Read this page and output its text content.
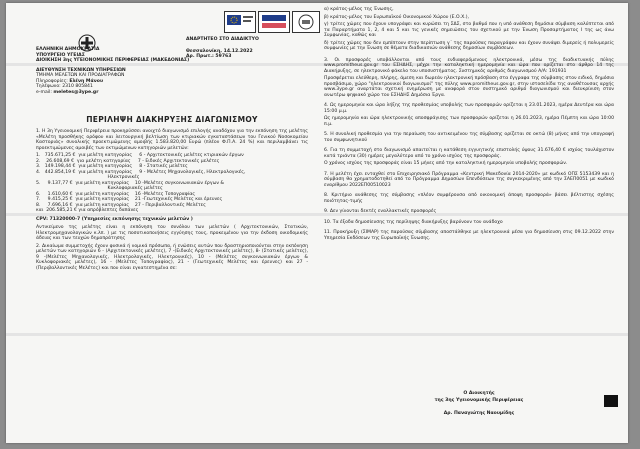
ΕΛΛΗΝΙΚΗ ΔΗΜΟΚΡΑΤΙΑ
ΥΠΟΥΡΓΕΙΟ ΥΓΕΙΑΣ
ΔΙΟΙΚΗΣΗ 3ης ΥΓΕΙΟΝΟΜΙΚΗΣ ΠΕΡΙΦΕΡΕΙΑΣ (ΜΑΚΕΔΟΝΙΑΣ)
ΔΙΕΥΘΥΝΣΗ ΤΕΧΝΙΚΩΝ ΥΠΗΡΕΣΙΩΝ
ΤΜΗΜΑ ΜΕΛΕΤΩΝ ΚΑΙ ΠΡΟΔΙΑΓΡΑΦΩΝ
Πληροφορίες: Ελένη Μάνου
Τηλέφωνο: 2310 805841
e-mail: meletes@3ype.gr
ΑΝΑΡΤΗΤΕΟ ΣΤΟ ΔΙΑΔΙΚΤΥΟ
Θεσσαλονίκη, 14.12.2022
Αρ. Πρωτ.: 59763
ΠΕΡΙΛΗΨΗ ΔΙΑΚΗΡΥΞΗΣ ΔΙΑΓΩΝΙΣΜΟΥ

1. Η 3η Υγειονομική Περιφέρεια προκηρύσσει ανοιχτό διαγωνισμό επιλογής αναδόχου για την εκπόνηση της μελέτης «Μελέτη προσθήκης ορόφου και λειτουργική βελτίωση των κτιριακών εγκαταστάσεων του Γενικού Νοσοκομείου Καστοριάς» συνολικής προεκτιμώμενης αμοιβής 1.583.820,00 Ευρώ (πλέον Φ.Π.Α. 24 %) και περιλαμβάνει τις προεκτιμώμενες αμοιβές των εκτιμώμενων κατηγοριών μελετών:

1.   735.671,25 €  για μελέτη κατηγορίας     6 - Αρχιτεκτονικές μελέτες κτιριακών έργων
2.    26.608,69 €  για μελέτη κατηγορίας     7 - Ειδικές Αρχιτεκτονικές μελέτες
3.   149.198,44 €  για μελέτη κατηγορίας     8 - Στατικές μελέτες
4.   442.854,19 €  για μελέτη κατηγορίας     9 - Μελέτες Μηχανολογικές, Ηλεκτρολογικές,
Ηλεκτρονικές
5.     9.137,77 €  για μελέτη κατηγορίας    10 -Μελέτες συγκοινωνιακών έργων &
Κυκλοφοριακές μελέτες
6.     1.610,60 €  για μελέτη κατηγορίας    16 -Μελέτες Τοπογραφίας
7.     9.415,25 €  για μελέτη κατηγορίας    21 -Γεωτεχνικές Μελέτες και έρευνες
8.     7.696,16 €  για μελέτη κατηγορίας    27 - Περιβαλλοντικές Μελέτες
και  206.585,21 € για απρόβλεπτες δαπάνες

CPV: 71320000-7 (Υπηρεσίες εκπόνησης τεχνικών μελετών )

Αντικείμενο της μελέτης είναι η εκπόνηση του συνόλου των μελετών ( Αρχιτεκτονικών, Στατικών, Ηλεκτρομηχανολογικών κ.λπ. ) με τις ποσοτικοποιήσεις εγγύησης τους, προκειμένου για την έκδοση οικοδομικής άδειας και των τευχών δημοπράτησης

2. Δικαίωμα συμμετοχής έχουν φυσικά ή νομικά πρόσωπα, ή ενώσεις αυτών που δραστηριοποιούνται στην εκπόνηση μελετών των κατηγοριών 6 - (Αρχιτεκτονικές μελέτες), 7 -(Ειδικές Αρχιτεκτονικές μελέτες), 8- (Στατικές μελέτες), 9 -(Μελέτες Μηχανολογικές, Ηλεκτρολογικές, Ηλεκτρονικές), 10 - (Μελέτες συγκοινωνιακών έργων & Κυκλοφοριακές μελέτες), 16 - (Μελέτες Τοπογραφίας), 21 - (Γεωτεχνικές Μελέτες και έρευνες) και 27 - (Περιβαλλοντικές Μελέτες) και που είναι εγκατεστημένα σε:

α) κράτος-μέλος της Ένωσης,

β) κράτος-μέλος του Ευρωπαϊκού Οικονομικού Χώρου (Ε.Ο.Χ.),

γ) τρίτες χώρες που έχουν υπογράψει και κυρώσει τη ΣΔΣ, στο βαθμό που η υπό ανάθεση δημόσια σύμβαση καλύπτεται από τα Παραρτήματα 1, 2, 4 και 5 και τις γενικές σημειώσεις του σχετικού με την Ένωση Προσαρτήματος I της ως άνω Συμφωνίας, καθώς και

δ) τρίτες χώρες που δεν εμπίπτουν στην περίπτωση γ΄ της παρούσας παραγράφου και έχουν συνάψει διμερείς ή πολυμερείς συμφωνίες με την Ένωση σε θέματα διαδικασιών ανάθεσης δημοσίων συμβάσεων.

3. Οι προσφορές υποβάλλονται από τους ενδιαφερόμενους ηλεκτρονικά, μέσω της διαδικτυακής πύλης www.promitheus.gov.gr του ΕΣΗΔΗΣ, μέχρι την καταληκτική ημερομηνία και ώρα που ορίζεται στο άρθρο 14 της Διακήρυξης, σε ηλεκτρονικό φάκελο του υποσυστήματος. Συστημικός αριθμός διαγωνισμού Α/Α: 191931

Προσφέρεται ελεύθερη, πλήρης, άμεση και δωρεάν ηλεκτρονική πρόσβαση στα έγγραφα της σύμβασης στον ειδικό, δημόσια προσβάσιμο, χώρο "ηλεκτρονικοί διαγωνισμοί" της πύλης www.promitheus.gov.gr, στην ιστοσελίδα της αναθέτουσας αρχής www.3ype.gr αναρτάται σχετική ενημέρωση με αναφορά στον συστημικό αριθμό διαγωνισμού και διευκρίνιση στον ανωτέρω φηφιακό χώρο του ΕΣΗΔΗΣ Δημόσια Έργα.

4. Ως ημερομηνία και ώρα λήξης της προθεσμίας υποβολής των προσφορών ορίζεται η 23.01.2023, ημέρα Δευτέρα και ώρα 15:00 μ.μ.

Ως ημερομηνία και ώρα ηλεκτρονικής αποσφράγισης των προσφορών ορίζεται η 26.01.2023, ημέρα Πέμπτη και ώρα 10:00 π.μ.

5. Η συνολική προθεσμία για την περαίωση του αντικειμένου της σύμβασης ορίζεται σε οκτώ (8) μήνες από την υπογραφή του συμφωνητικού

6. Για τη συμμετοχή στο διαγωνισμό απαιτείται η κατάθεση εγγυητικής επιστολής ύψους 31.676,40 € ισχύος τουλάχιστον κατά τριάντα (30) ημέρες μεγαλύτερο από το χρόνο ισχύος της προσφοράς.

Ο χρόνος ισχύος της προσφοράς είναι 15 μήνες από την καταληκτική ημερομηνία υποβολής προσφορών.

7. Η μελέτη έχει ενταχθεί στο Επιχειρησιακό Πρόγραμμα «Κεντρική Μακεδονία 2014-2020» με κωδικό ΟΠΣ 5153439 και η σύμβαση θα χρηματοδοτηθεί από το Πρόγραμμα Δημοσίων Επενδύσεων της συγκεκριμένης από την ΣΑΕΠ0051 με κωδικό εναρίθμου 2022ΕΠ00510023

8. Κριτήριο ανάθεσης της σύμβασης «πλέον συμφέρουσα από οικονομική άποψη προσφορά» βάσει βέλτιστης σχέσης ποιότητας-τιμής

9. Δεν γίνονται δεκτές εναλλακτικές προσφορές

10. Τα έξοδα δημοσίευσης της περίληψης διακήρυξης βαρύνουν τον ανάδοχο

11. Προκήρυξη (ΣΙΜΑΡ) της παρούσας σύμβασης αποστάλθηκε με ηλεκτρονικά μέσα για δημοσίευση στις 09.12.2022 στην Υπηρεσία Εκδόσεων της Ευρωπαϊκής Ένωσης.

Ο Διοικητής
της 3ης Υγειονομικής Περιφέρειας
Δρ. Παναγιώτης Ναουμίδης
